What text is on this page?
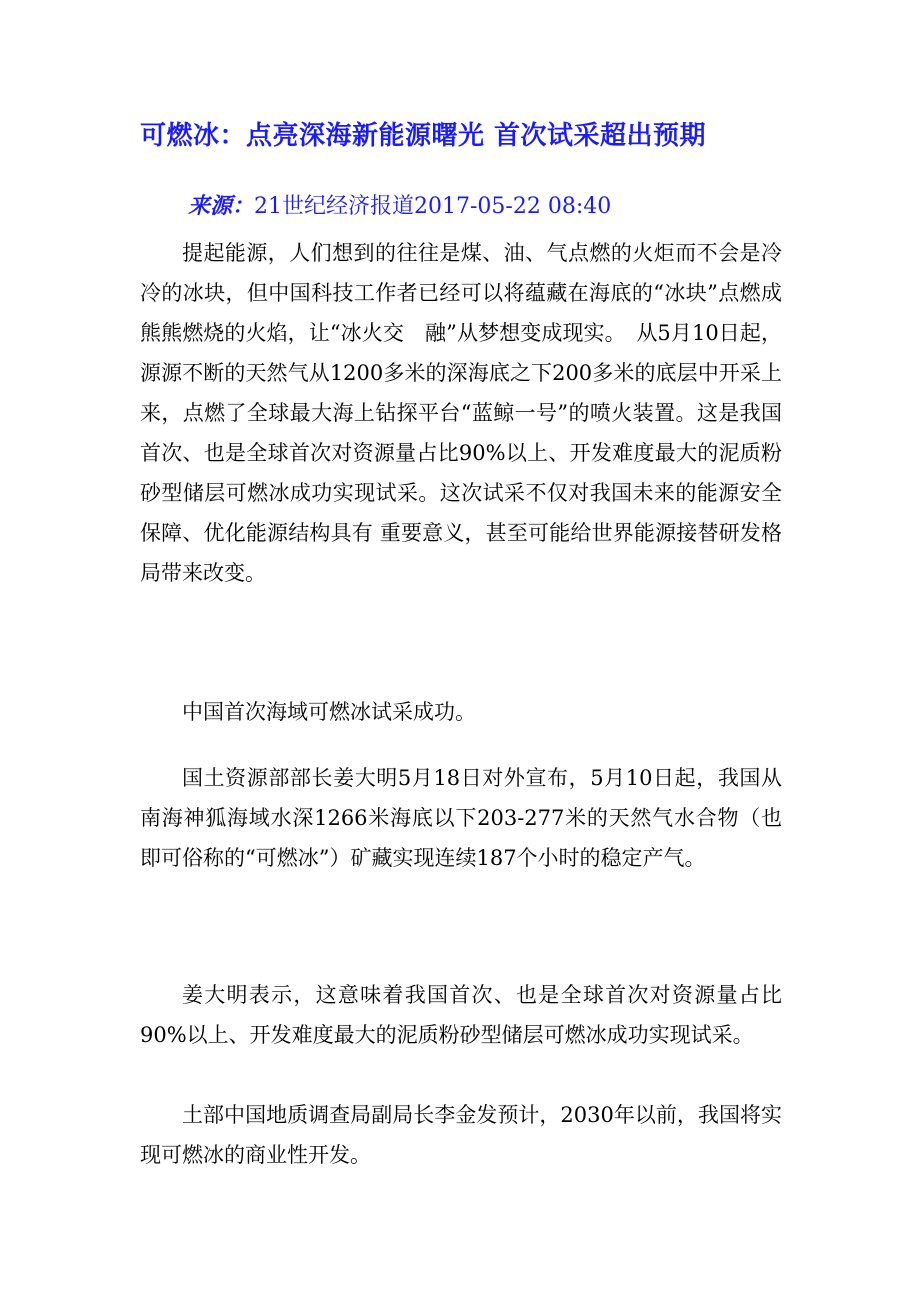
可燃冰：点亮深海新能源曙光 首次试采超出预期
来源：21世纪经济报道2017-05-22 08:40

提起能源，人们想到的往往是煤、油、气点燃的火炬而不会是冷冷的冰块，但中国科技工作者已经可以将蕴藏在海底的“冰块”点燃成熊熊燃烧的火焰，让“冰火交　融”从梦想变成现实。　从5月10日起，源源不断的天然气从1200多米的深海底之下200多米的底层中开采上来，点燃了全球最大海上钻探平台“蓝鲸一号”的喷火装置。这是我国　首次、也是全球首次对资源量占比90%以上、开发难度最大的泥质粉砂型储层可燃冰成功实现试采。这次试采不仅对我国未来的能源安全保障、优化能源结构具有 重要意义，甚至可能给世界能源接替研发格局带来改变。

中国首次海域可燃冰试采成功。

国土资源部部长姜大明5月18日对外宣布，5月10日起，我国从南海神狐海域水深1266米海底以下203-277米的天然气水合物（也即可俗称的“可燃冰”）矿藏实现连续187个小时的稳定产气。

姜大明表示，这意味着我国首次、也是全球首次对资源量占比90%以上、开发难度最大的泥质粉砂型储层可燃冰成功实现试采。

土部中国地质调查局副局长李金发预计，2030年以前，我国将实现可燃冰的商业性开发。
